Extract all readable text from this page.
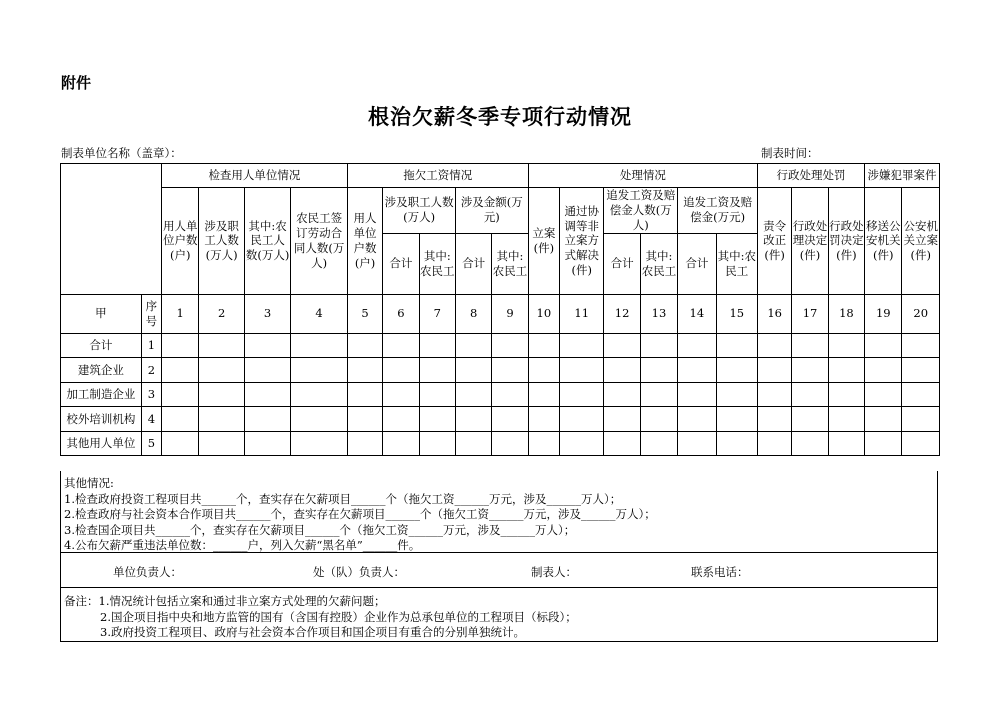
附件
根治欠薪冬季专项行动情况
制表单位名称（盖章）：	制表时间：
		检查用人单位情况				拖欠工资情况					处理情况						行政处理处罚			涉嫌犯罪案件	
		用人单位户数(户)	涉及职工人数(万人)	其中:农民工人数(万人)	农民工签订劳动合同人数(万人)	用人单位户数(户)	涉及职工人数(万人)		涉及金额(万元)		立案(件)	通过协调等非立案方式解决(件)	追发工资及赔偿金人数(万人)		追发工资及赔偿金(万元)		责令改正(件)	行政处理决定(件)	行政处罚决定(件)	移送公安机关(件)	公安机关立案(件)
							合计	其中:农民工	合计	其中:农民工			合计	其中:农民工	合计	其中:农民工					
甲	序号	1	2	3	4	5	6	7	8	9	10	11	12	13	14	15	16	17	18	19	20
合计	1																				
建筑企业	2																				
加工制造企业	3																				
校外培训机构	4																				
其他用人单位	5																				
其他情况:
1.检查政府投资工程项目共______个，查实存在欠薪项目______个（拖欠工资______万元，涉及______万人）；
2.检查政府与社会资本合作项目共______个，查实存在欠薪项目______个（拖欠工资______万元，涉及______万人）；
3.检查国企项目共______个，查实存在欠薪项目______个（拖欠工资______万元，涉及______万人）；
4.公布欠薪严重违法单位数：______户，列入欠薪“黑名单”______件。
单位负责人：	处（队）负责人：	制表人：	联系电话：
备注：1.情况统计包括立案和通过非立案方式处理的欠薪问题；
2.国企项目指中央和地方监管的国有（含国有控股）企业作为总承包单位的工程项目（标段）；
3.政府投资工程项目、政府与社会资本合作项目和国企项目有重合的分别单独统计。
